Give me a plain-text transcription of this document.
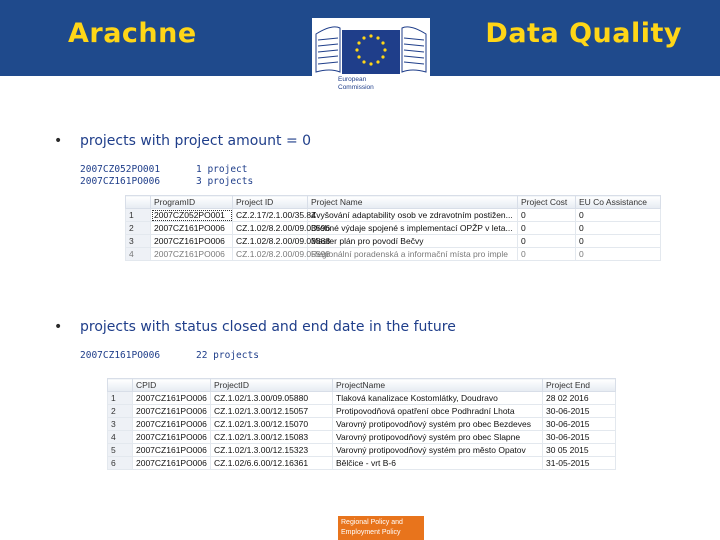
Arachne	Data Quality
European
Commission
• projects with project amount = 0
2007CZ052PO001	1 project
2007CZ161PO006	3 projects
	ProgramID	Project ID	Project Name	Project Cost	EU Co Assistance
1	2007CZ052PO001	CZ.2.17/2.1.00/35.84	Zvyšování adaptability osob ve zdravotním postižen...	0	0
2	2007CZ161PO006	CZ.1.02/8.2.00/09.03596	Drobné výdaje spojené s implementací OPŽP v leta...	0	0
3	2007CZ161PO006	CZ.1.02/8.2.00/09.03888	Master plán pro povodí Bečvy	0	0
4	2007CZ161PO006	CZ.1.02/8.2.00/09.05598	Regionální poradenská a informační místa pro imple	0	0
• projects with status closed and end date in the future
2007CZ161PO006	22 projects
	CPID	ProjectID	ProjectName	Project End
1	2007CZ161PO006	CZ.1.02/1.3.00/09.05880	Tlaková kanalizace Kostomlátky, Doudravo	28 02 2016
2	2007CZ161PO006	CZ.1.02/1.3.00/12.15057	Protipovodňová opatření obce Podhradní Lhota	30-06-2015
3	2007CZ161PO006	CZ.1.02/1.3.00/12.15070	Varovný protipovodňový systém pro obec Bezdeves	30-06-2015
4	2007CZ161PO006	CZ.1.02/1.3.00/12.15083	Varovný protipovodňový systém pro obec Slapne	30-06-2015
5	2007CZ161PO006	CZ.1.02/1.3.00/12.15323	Varovný protipovodňový systém pro město Opatov	30 05 2015
6	2007CZ161PO006	CZ.1.02/6.6.00/12.16361	Bělčice - vrt B-6	31-05-2015
Regional Policy and
Employment Policy
